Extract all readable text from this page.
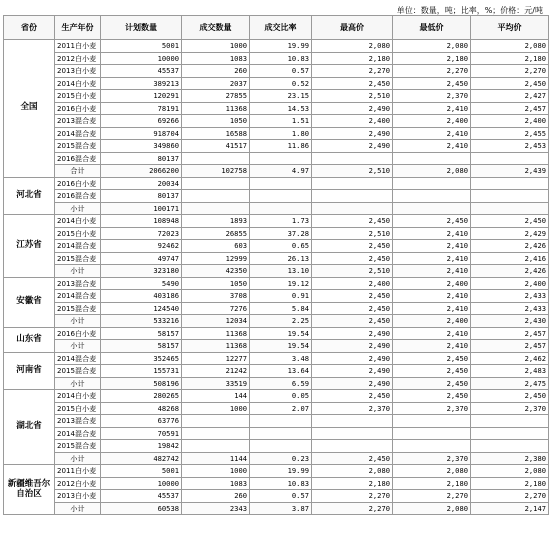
单位：数量，吨；比率，%；价格：元/吨
省份	生产年份	计划数量	成交数量	成交比率	最高价	最低价	平均价
全国	2011白小麦	5001	1000	19.99	2,080	2,080	2,080
	2012白小麦	10000	1083	10.83	2,180	2,180	2,180
	2013白小麦	45537	260	0.57	2,270	2,270	2,270
	2014白小麦	389213	2037	0.52	2,450	2,450	2,450
	2015白小麦	120291	27855	23.15	2,510	2,370	2,427
	2016白小麦	78191	11368	14.53	2,490	2,410	2,457
	2013混合麦	69266	1050	1.51	2,400	2,400	2,400
	2014混合麦	918704	16588	1.80	2,490	2,410	2,455
	2015混合麦	349860	41517	11.86	2,490	2,410	2,453
	2016混合麦	80137					
	合计	2066200	102758	4.97	2,510	2,080	2,439
河北省	2016白小麦	20034					
	2016混合麦	80137					
	小计	100171					
江苏省	2014白小麦	108948	1893	1.73	2,450	2,450	2,450
	2015白小麦	72023	26855	37.28	2,510	2,410	2,429
	2014混合麦	92462	603	0.65	2,450	2,410	2,426
	2015混合麦	49747	12999	26.13	2,450	2,410	2,416
	小计	323180	42350	13.10	2,510	2,410	2,426
安徽省	2013混合麦	5490	1050	19.12	2,400	2,400	2,400
	2014混合麦	403186	3708	0.91	2,450	2,410	2,433
	2015混合麦	124540	7276	5.84	2,450	2,410	2,433
	小计	533216	12034	2.25	2,450	2,400	2,430
山东省	2016白小麦	58157	11368	19.54	2,490	2,410	2,457
	小计	58157	11368	19.54	2,490	2,410	2,457
河南省	2014混合麦	352465	12277	3.48	2,490	2,450	2,462
	2015混合麦	155731	21242	13.64	2,490	2,450	2,483
	小计	508196	33519	6.59	2,490	2,450	2,475
湖北省	2014白小麦	280265	144	0.05	2,450	2,450	2,450
	2015白小麦	48268	1000	2.07	2,370	2,370	2,370
	2013混合麦	63776					
	2014混合麦	70591					
	2015混合麦	19842					
	小计	482742	1144	0.23	2,450	2,370	2,380
新疆维吾尔自治区	2011白小麦	5001	1000	19.99	2,080	2,080	2,080
	2012白小麦	10000	1083	10.83	2,180	2,180	2,180
	2013白小麦	45537	260	0.57	2,270	2,270	2,270
	小计	60538	2343	3.87	2,270	2,080	2,147
